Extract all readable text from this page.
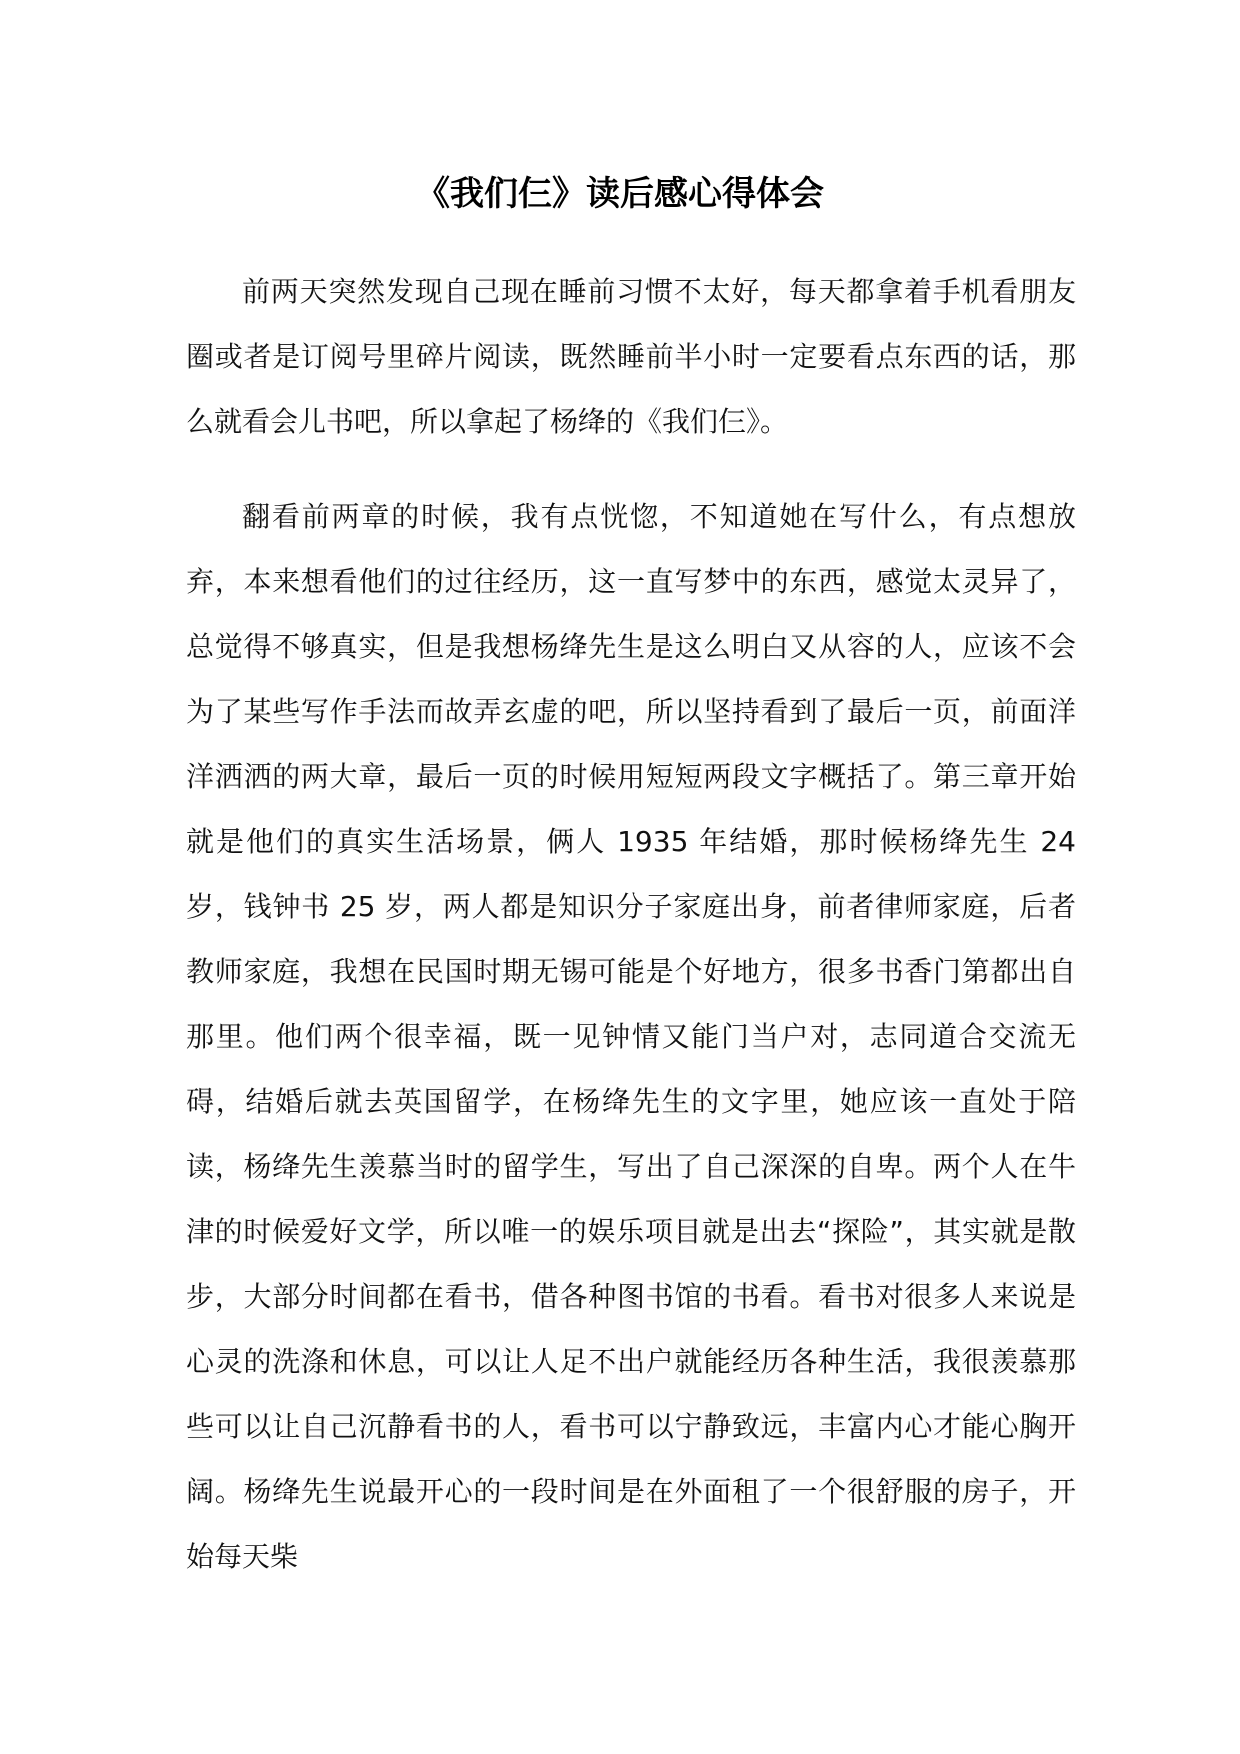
《我们仨》读后感心得体会

前两天突然发现自己现在睡前习惯不太好，每天都拿着手机看朋友圈或者是订阅号里碎片阅读，既然睡前半小时一定要看点东西的话，那么就看会儿书吧，所以拿起了杨绛的《我们仨》。

翻看前两章的时候，我有点恍惚，不知道她在写什么，有点想放弃，本来想看他们的过往经历，这一直写梦中的东西，感觉太灵异了，总觉得不够真实，但是我想杨绛先生是这么明白又从容的人，应该不会为了某些写作手法而故弄玄虚的吧，所以坚持看到了最后一页，前面洋洋洒洒的两大章，最后一页的时候用短短两段文字概括了。第三章开始就是他们的真实生活场景，俩人 1935 年结婚，那时候杨绛先生 24 岁，钱钟书 25 岁，两人都是知识分子家庭出身，前者律师家庭，后者教师家庭，我想在民国时期无锡可能是个好地方，很多书香门第都出自那里。他们两个很幸福，既一见钟情又能门当户对，志同道合交流无碍，结婚后就去英国留学，在杨绛先生的文字里，她应该一直处于陪读，杨绛先生羡慕当时的留学生，写出了自己深深的自卑。两个人在牛津的时候爱好文学，所以唯一的娱乐项目就是出去“探险”，其实就是散步，大部分时间都在看书，借各种图书馆的书看。看书对很多人来说是心灵的洗涤和休息，可以让人足不出户就能经历各种生活，我很羡慕那些可以让自己沉静看书的人，看书可以宁静致远，丰富内心才能心胸开阔。杨绛先生说最开心的一段时间是在外面租了一个很舒服的房子，开始每天柴
